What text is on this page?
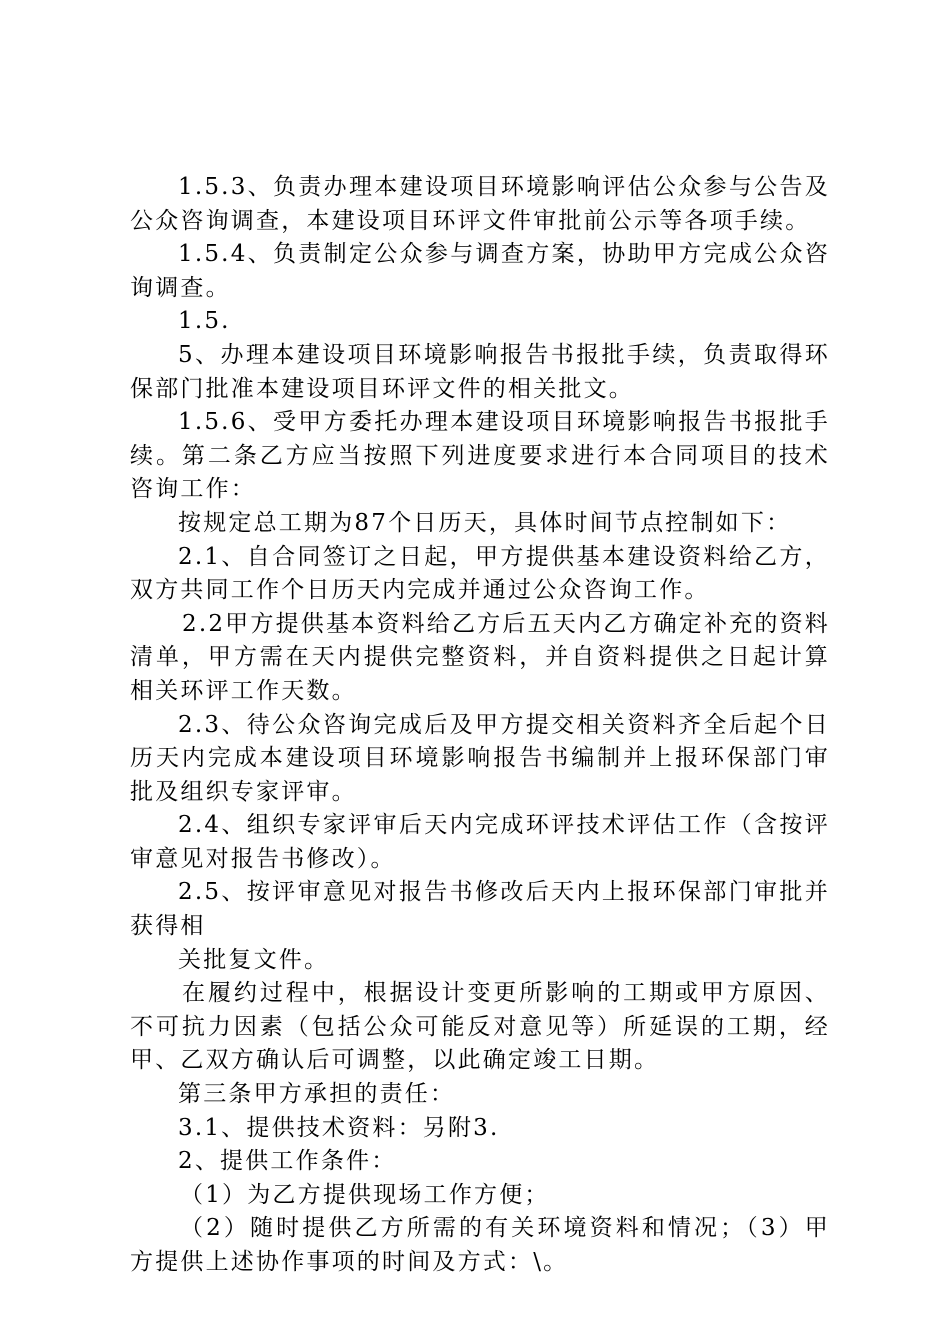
1.5.3、负责办理本建设项目环境影响评估公众参与公告及公众咨询调查，本建设项目环评文件审批前公示等各项手续。

1.5.4、负责制定公众参与调查方案，协助甲方完成公众咨询调查。

1.5.

5、办理本建设项目环境影响报告书报批手续，负责取得环保部门批准本建设项目环评文件的相关批文。

1.5.6、受甲方委托办理本建设项目环境影响报告书报批手续。第二条乙方应当按照下列进度要求进行本合同项目的技术咨询工作：

按规定总工期为87个日历天，具体时间节点控制如下：

2.1、自合同签订之日起，甲方提供基本建设资料给乙方，双方共同工作个日历天内完成并通过公众咨询工作。

2.2甲方提供基本资料给乙方后五天内乙方确定补充的资料清单，甲方需在天内提供完整资料，并自资料提供之日起计算相关环评工作天数。

2.3、待公众咨询完成后及甲方提交相关资料齐全后起个日历天内完成本建设项目环境影响报告书编制并上报环保部门审批及组织专家评审。

2.4、组织专家评审后天内完成环评技术评估工作（含按评审意见对报告书修改）。

2.5、按评审意见对报告书修改后天内上报环保部门审批并获得相

关批复文件。

在履约过程中，根据设计变更所影响的工期或甲方原因、不可抗力因素（包括公众可能反对意见等）所延误的工期，经甲、乙双方确认后可调整，以此确定竣工日期。

第三条甲方承担的责任：

3.1、提供技术资料：另附3.

2、提供工作条件：

（1）为乙方提供现场工作方便；

（2）随时提供乙方所需的有关环境资料和情况；（3）甲方提供上述协作事项的时间及方式：\。
